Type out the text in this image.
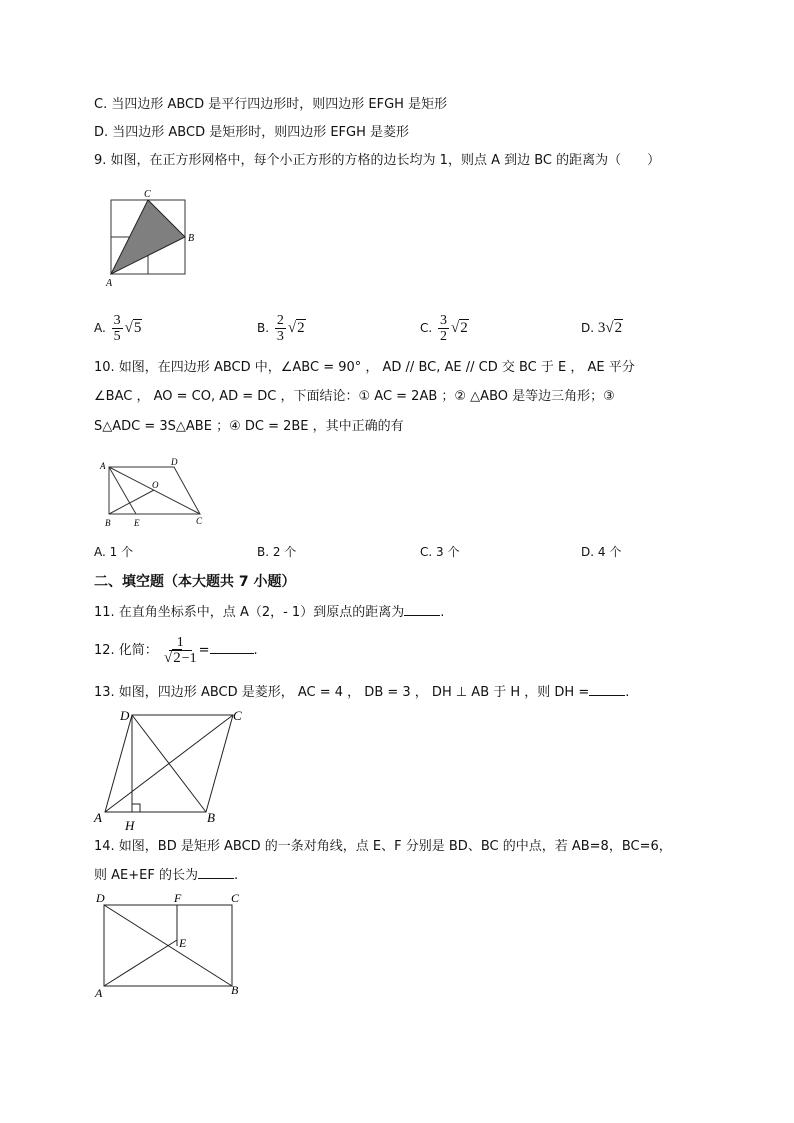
C. 当四边形 ABCD 是平行四边形时，则四边形 EFGH 是矩形
D. 当四边形 ABCD 是矩形时，则四边形 EFGH 是菱形
9. 如图，在正方形网格中，每个小正方形的方格的边长均为 1，则点 A 到边 BC 的距离为（　　）
C
B
A
A. $\frac{3}{5} √5$	B. $\frac{2}{3} √2$	C. $\frac{3}{2} √2$	D. 3√2
10. 如图，在四边形 ABCD 中，∠ABC = 90° ， AD // BC, AE // CD 交 BC 于 E ， AE 平分
∠BAC ， AO = CO, AD = DC ，下面结论：① AC = 2AB ；② △ABO 是等边三角形；③
S△ADC = 3S△ABE ；④ DC = 2BE ，其中正确的有
A	D
O
B	E	C
A. 1 个	B. 2 个	C. 3 个	D. 4 个
二、填空题（本大题共 7 小题）
11. 在直角坐标系中，点 A（2，- 1）到原点的距离为	.
12. 化简： $\frac{1}{√2-1}$ =	.
13. 如图，四边形 ABCD 是菱形， AC = 4 ， DB = 3 ， DH ⊥ AB 于 H ，则 DH =	.
D	C
A	B
H
14. 如图，BD 是矩形 ABCD 的一条对角线，点 E、F 分别是 BD、BC 的中点，若 AB=8，BC=6，
则 AE+EF 的长为	.
D	F	C
E
A	B
